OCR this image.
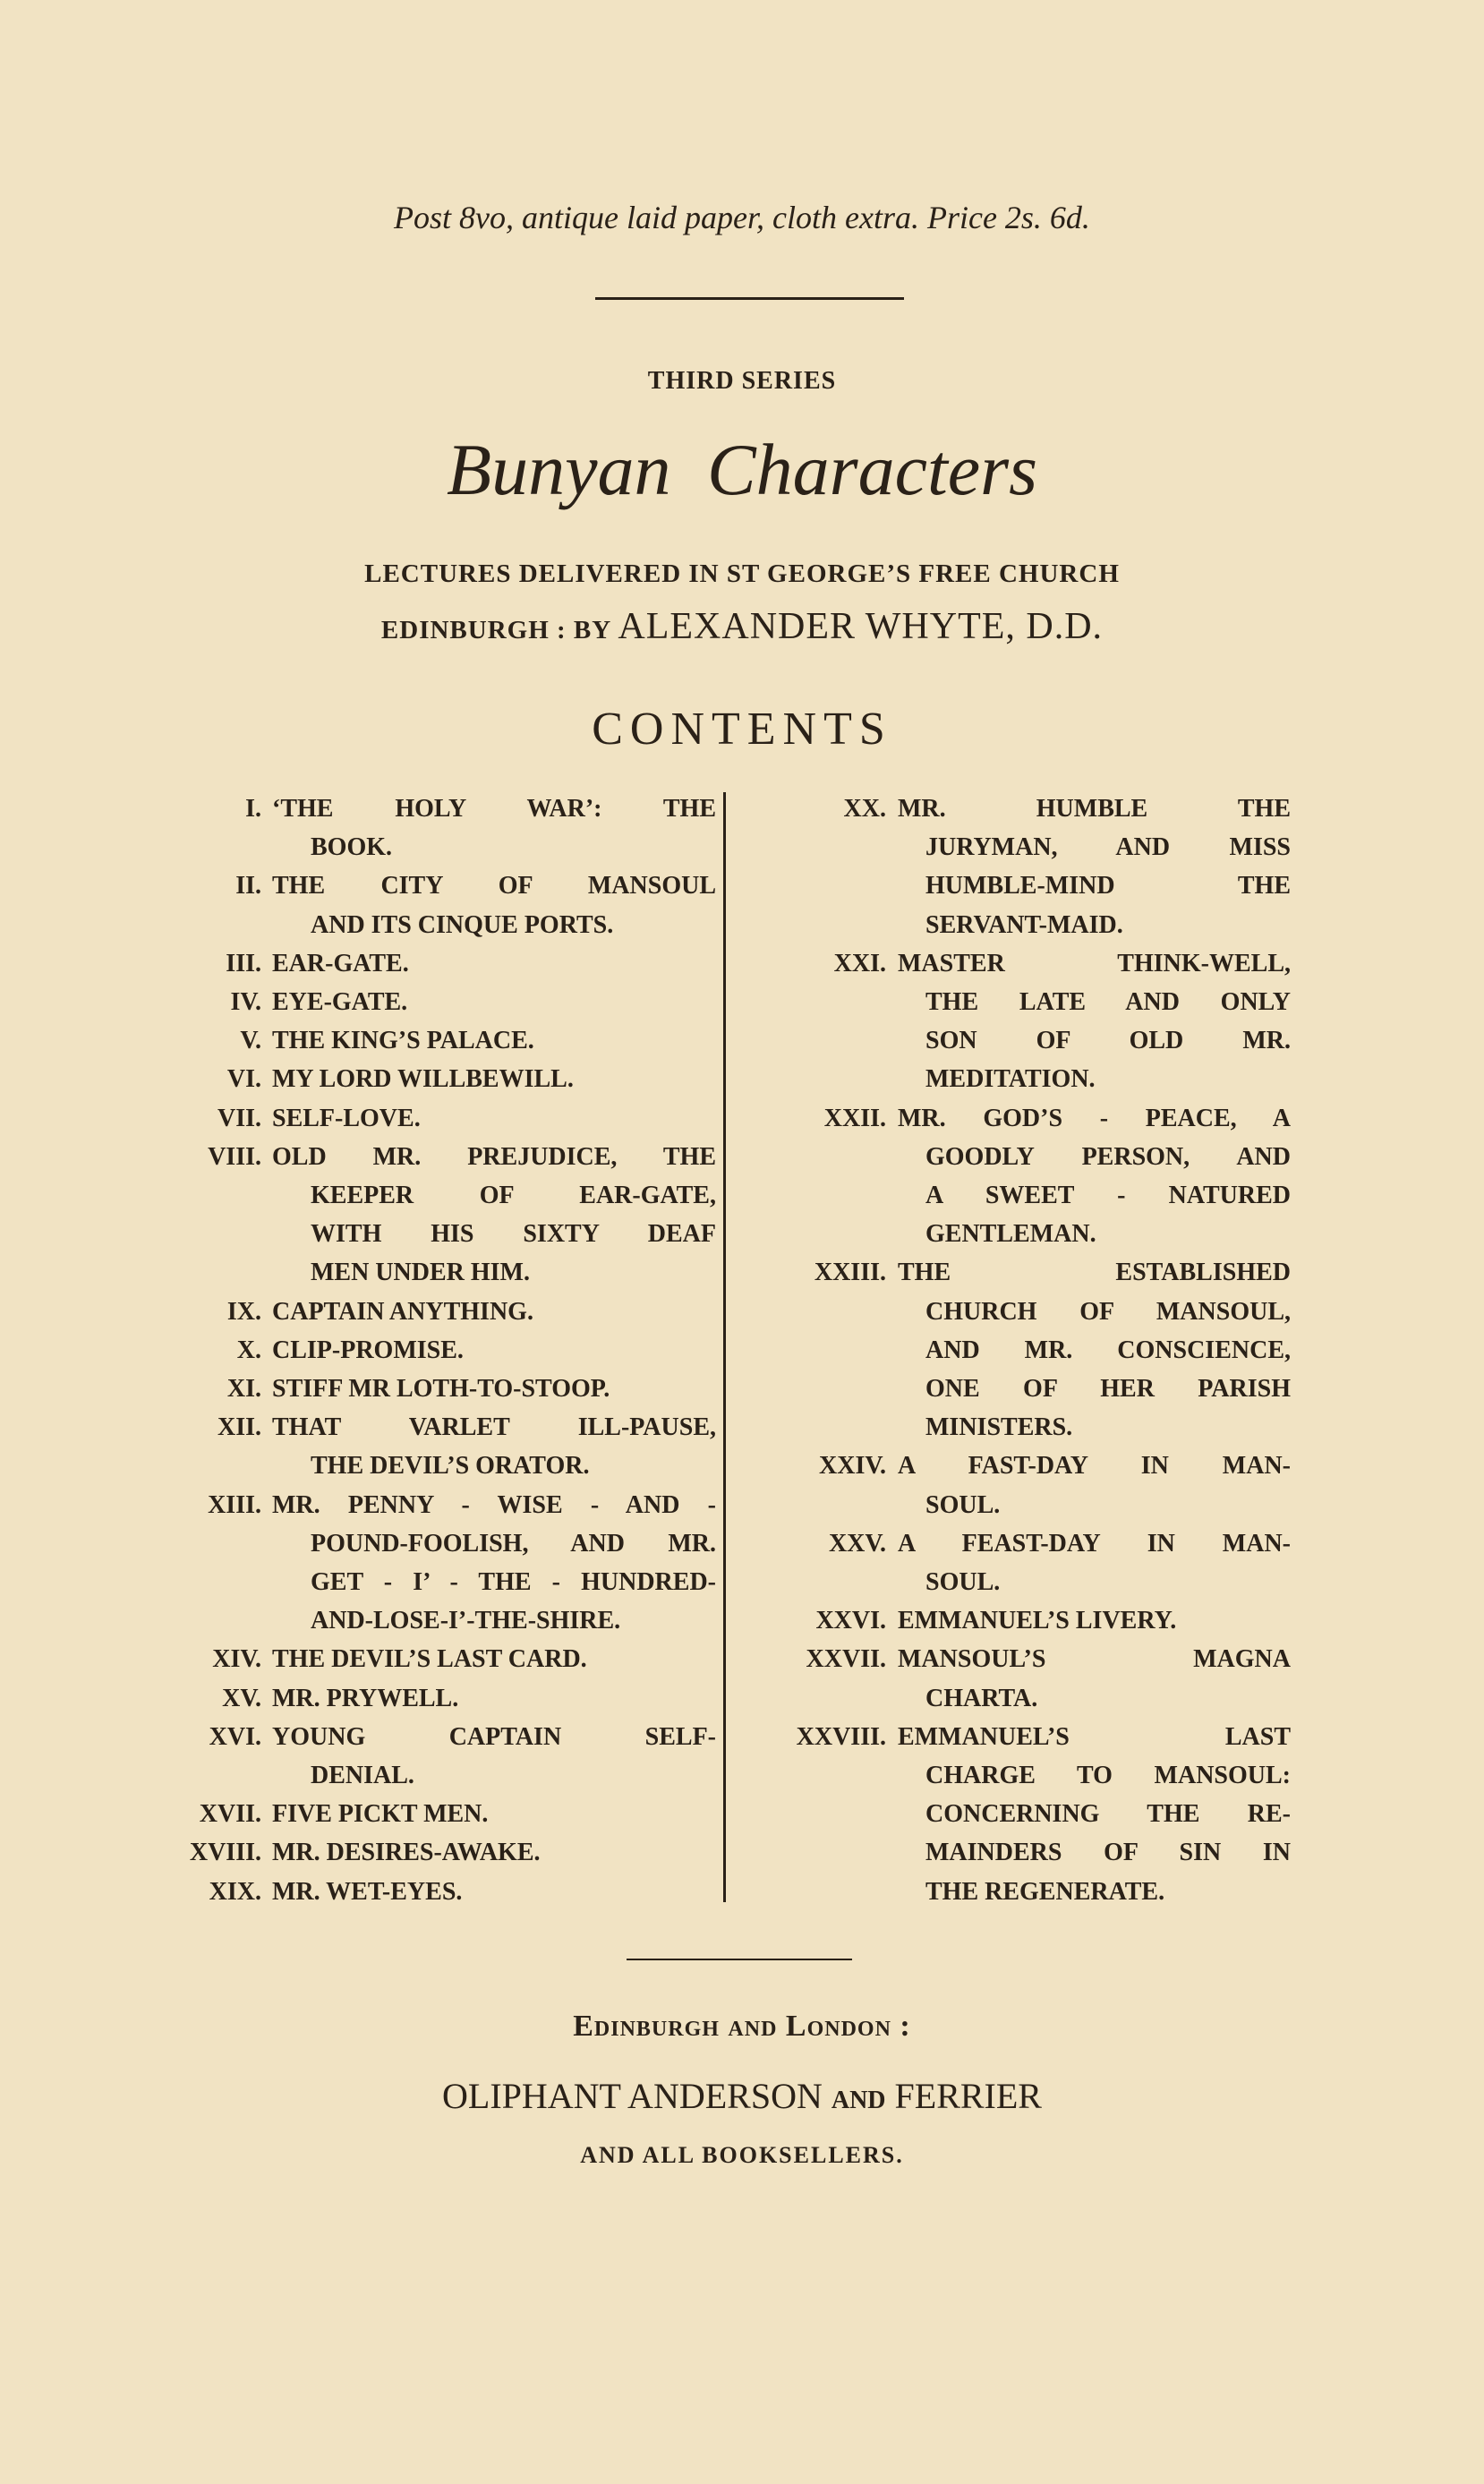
Post 8vo, antique laid paper, cloth extra. Price 2s. 6d.
THIRD SERIES
Bunyan Characters
LECTURES DELIVERED IN ST GEORGE’S FREE CHURCH
EDINBURGH : BY ALEXANDER WHYTE, D.D.
CONTENTS
I. ‘THE HOLY WAR’: THE
BOOK.
II. THE CITY OF MANSOUL
AND ITS CINQUE PORTS.
III. EAR-GATE.
IV. EYE-GATE.
V. THE KING’S PALACE.
VI. MY LORD WILLBEWILL.
VII. SELF-LOVE.
VIII. OLD MR. PREJUDICE, THE
KEEPER OF EAR-GATE,
WITH HIS SIXTY DEAF
MEN UNDER HIM.
IX. CAPTAIN ANYTHING.
X. CLIP-PROMISE.
XI. STIFF MR LOTH-TO-STOOP.
XII. THAT VARLET ILL-PAUSE,
THE DEVIL’S ORATOR.
XIII. MR. PENNY - WISE - AND -
POUND-FOOLISH, AND MR.
GET - I’ - THE - HUNDRED-
AND-LOSE-I’-THE-SHIRE.
XIV. THE DEVIL’S LAST CARD.
XV. MR. PRYWELL.
XVI. YOUNG CAPTAIN SELF-
DENIAL.
XVII. FIVE PICKT MEN.
XVIII. MR. DESIRES-AWAKE.
XIX. MR. WET-EYES.
XX. MR. HUMBLE THE
JURYMAN, AND MISS
HUMBLE-MIND THE
SERVANT-MAID.
XXI. MASTER THINK-WELL,
THE LATE AND ONLY
SON OF OLD MR.
MEDITATION.
XXII. MR. GOD’S - PEACE, A
GOODLY PERSON, AND
A SWEET - NATURED
GENTLEMAN.
XXIII. THE ESTABLISHED
CHURCH OF MANSOUL,
AND MR. CONSCIENCE,
ONE OF HER PARISH
MINISTERS.
XXIV. A FAST-DAY IN MAN-
SOUL.
XXV. A FEAST-DAY IN MAN-
SOUL.
XXVI. EMMANUEL’S LIVERY.
XXVII. MANSOUL’S MAGNA
CHARTA.
XXVIII. EMMANUEL’S LAST
CHARGE TO MANSOUL:
CONCERNING THE RE-
MAINDERS OF SIN IN
THE REGENERATE.
Edinburgh and London :
OLIPHANT ANDERSON AND FERRIER
AND ALL BOOKSELLERS.
